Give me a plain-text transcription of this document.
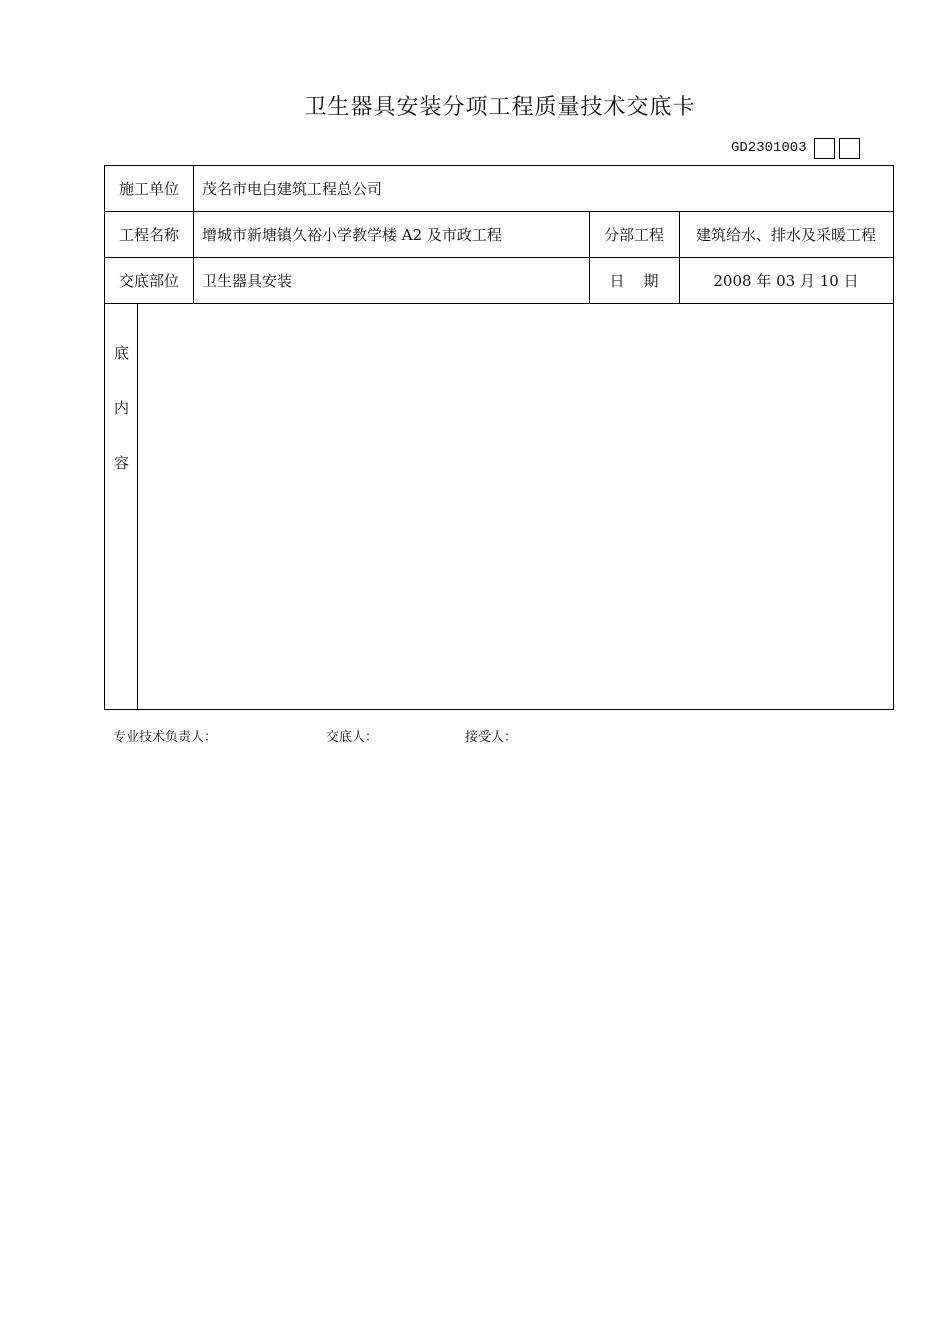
卫生器具安装分项工程质量技术交底卡
GD2301003
施工单位	茂名市电白建筑工程总公司
工程名称	增城市新塘镇久裕小学教学楼 A2 及市政工程	分部工程	建筑给水、排水及采暖工程
交底部位	卫生器具安装	日    期	2008 年 03 月 10 日
底
内
容
专业技术负责人：	交底人：	接受人：
